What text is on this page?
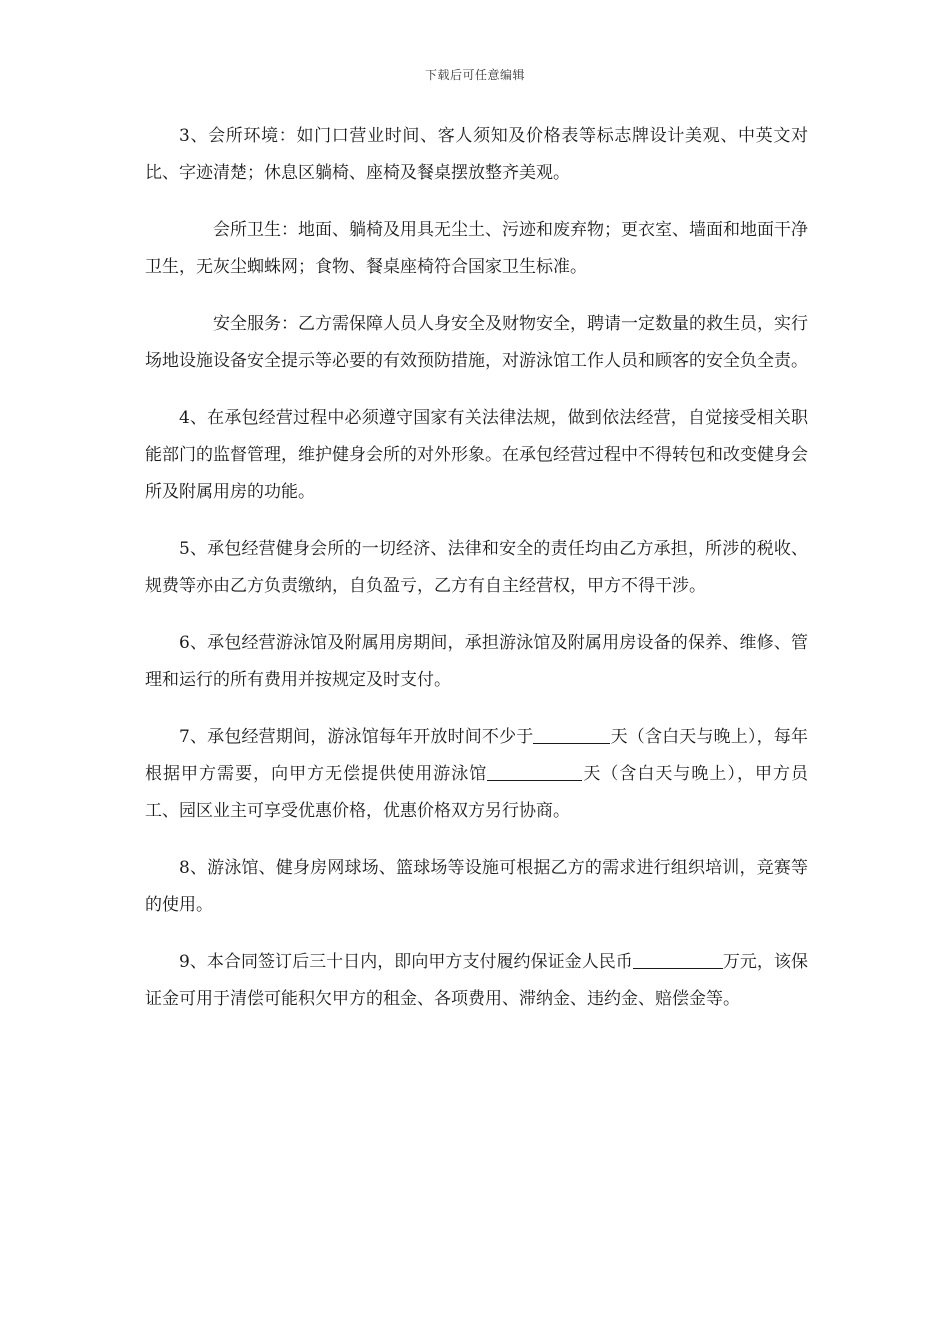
下载后可任意编辑

3、会所环境：如门口营业时间、客人须知及价格表等标志牌设计美观、中英文对比、字迹清楚；休息区躺椅、座椅及餐桌摆放整齐美观。

会所卫生：地面、躺椅及用具无尘土、污迹和废弃物；更衣室、墙面和地面干净卫生，无灰尘蜘蛛网；食物、餐桌座椅符合国家卫生标准。

安全服务：乙方需保障人员人身安全及财物安全，聘请一定数量的救生员，实行场地设施设备安全提示等必要的有效预防措施，对游泳馆工作人员和顾客的安全负全责。

4、在承包经营过程中必须遵守国家有关法律法规，做到依法经营，自觉接受相关职能部门的监督管理，维护健身会所的对外形象。在承包经营过程中不得转包和改变健身会所及附属用房的功能。

5、承包经营健身会所的一切经济、法律和安全的责任均由乙方承担，所涉的税收、规费等亦由乙方负责缴纳，自负盈亏，乙方有自主经营权，甲方不得干涉。

6、承包经营游泳馆及附属用房期间，承担游泳馆及附属用房设备的保养、维修、管理和运行的所有费用并按规定及时支付。

7、承包经营期间，游泳馆每年开放时间不少于	天（含白天与晚上），每年根据甲方需要，向甲方无偿提供使用游泳馆	天（含白天与晚上），甲方员工、园区业主可享受优惠价格，优惠价格双方另行协商。

8、游泳馆、健身房网球场、篮球场等设施可根据乙方的需求进行组织培训，竞赛等的使用。

9、本合同签订后三十日内，即向甲方支付履约保证金人民币	万元，该保证金可用于清偿可能积欠甲方的租金、各项费用、滞纳金、违约金、赔偿金等。
